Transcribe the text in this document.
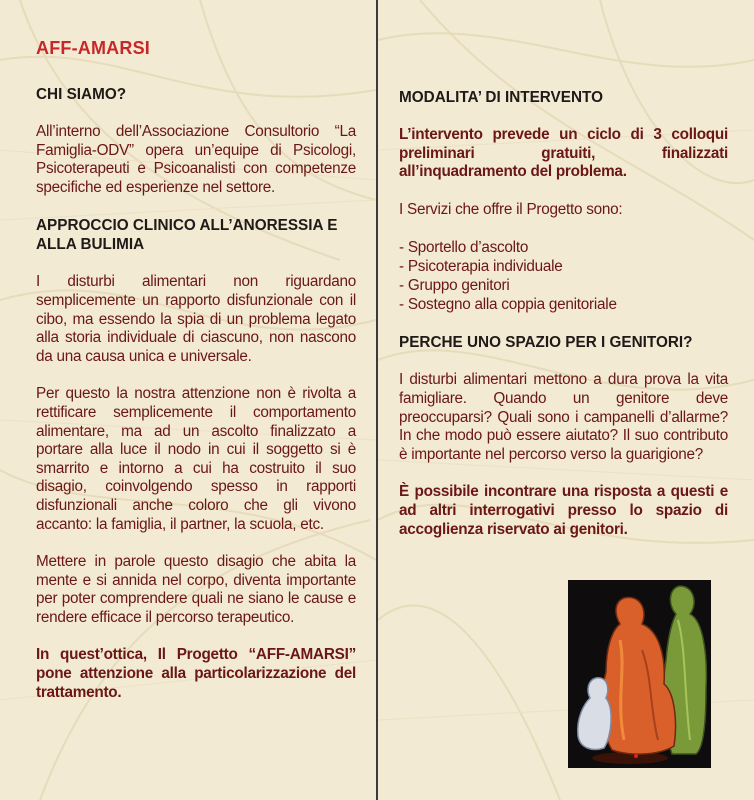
AFF-AMARSI
CHI SIAMO?

All’interno dell’Associazione Consultorio “La Famiglia-ODV” opera un’equipe di Psicologi, Psicoterapeuti e Psicoanalisti con competenze specifiche ed esperienze nel settore.

APPROCCIO CLINICO ALL’ANORESSIA E
ALLA BULIMIA

I disturbi alimentari non riguardano semplicemente un rapporto disfunzionale con il cibo, ma essendo la spia di un problema legato alla storia individuale di ciascuno, non nascono da una causa unica e universale.

Per questo la nostra attenzione non è rivolta a rettificare semplicemente il comportamento alimentare, ma ad un ascolto finalizzato a portare alla luce il nodo in cui il soggetto si è smarrito e intorno a cui ha costruito il suo disagio, coinvolgendo spesso in rapporti disfunzionali anche coloro che gli vivono accanto: la famiglia, il partner, la scuola, etc.

Mettere in parole questo disagio che abita la mente e si annida nel corpo, diventa importante per poter comprendere quali ne siano le cause e rendere efficace il percorso terapeutico.

In quest’ottica, Il Progetto “AFF-AMARSI” pone attenzione alla particolarizzazione del trattamento.

MODALITA’ DI INTERVENTO

L’intervento prevede un ciclo di 3 colloqui preliminari gratuiti, finalizzati all’inquadramento del problema.

I Servizi che offre il Progetto sono:

- Sportello d’ascolto
- Psicoterapia individuale
- Gruppo genitori
- Sostegno alla coppia genitoriale
PERCHE UNO SPAZIO PER I GENITORI?

I disturbi alimentari mettono a dura prova la vita famigliare. Quando un genitore deve preoccuparsi? Quali sono i campanelli d’allarme? In che modo può essere aiutato? Il suo contributo è importante nel percorso verso la guarigione?

È possibile incontrare una risposta a questi e ad altri interrogativi presso lo spazio di accoglienza riservato ai genitori.
